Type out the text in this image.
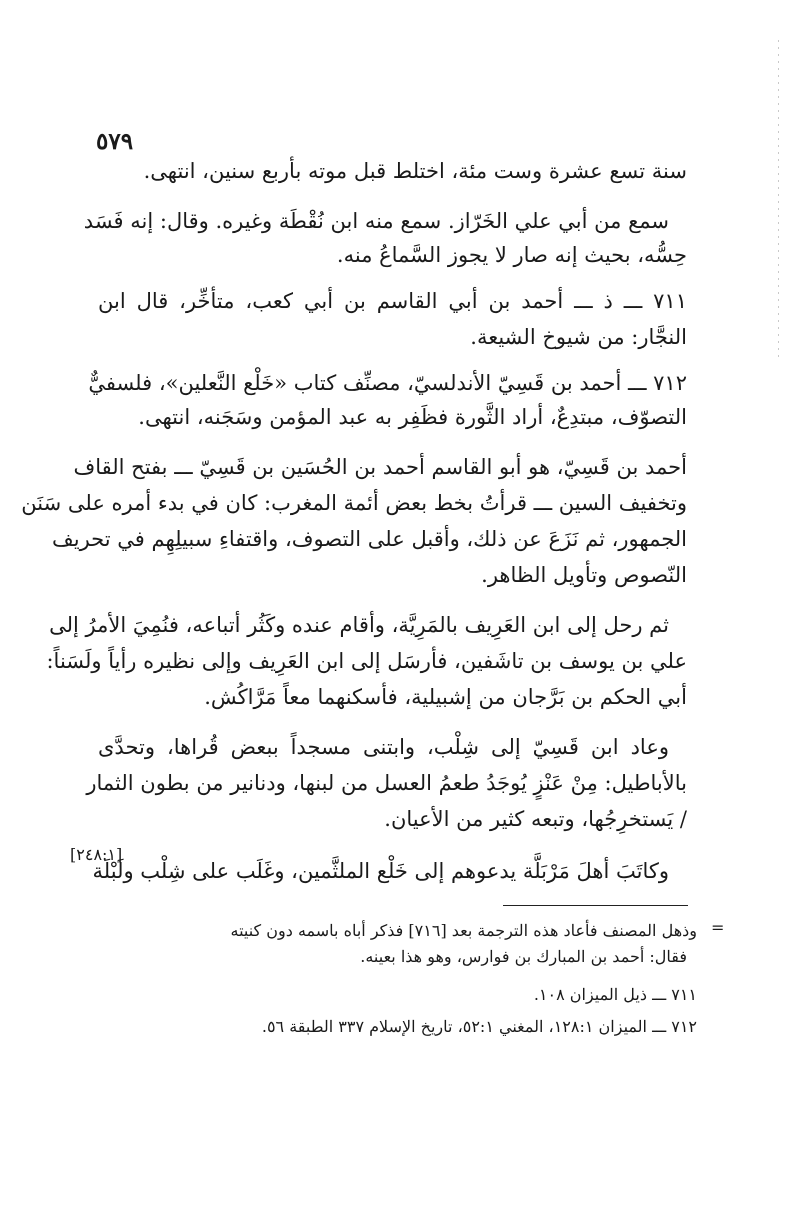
٥٧٩
سنة تسع عشرة وست مئة، اختلط قبل موته بأربع سنين، انتهى.
سمع من أبي علي الخَرّاز. سمع منه ابن نُقْطَة وغيره. وقال: إنه فَسَد
حِسُّه، بحيث إنه صار لا يجوز السَّماعُ منه.
٧١١ ـــ ذ ـــ أحمد بن أبي القاسم بن أبي كعب، متأخِّر، قال ابن
النجَّار: من شيوخ الشيعة.
٧١٢ ـــ أحمد بن قَسِيّ الأندلسيّ، مصنِّف كتاب «خَلْع النَّعلين»، فلسفيٌّ
التصوّف، مبتدِعٌ، أراد الثَّورة فظَفِر به عبد المؤمن وسَجَنه، انتهى.
أحمد بن قَسِيّ، هو أبو القاسم أحمد بن الحُسَين بن قَسِيّ ـــ بفتح القاف
وتخفيف السين ـــ قرأتُ بخط بعض أئمة المغرب: كان في بدء أمره على سَنَن
الجمهور، ثم نَزَعَ عن ذلك، وأقبل على التصوف، واقتفاءِ سبيلِهِم في تحريف
النّصوص وتأويل الظاهر.
ثم رحل إلى ابن العَرِيف بالمَرِيَّة، وأقام عنده وكَثُر أتباعه، فنُمِيَ الأمرُ إلى
علي بن يوسف بن تاشَفين، فأرسَل إلى ابن العَرِيف وإلى نظيره رأياً ولَسَناً:
أبي الحكم بن بَرَّجان من إشبيلية، فأسكنهما معاً مَرَّاكُش.
وعاد ابن قَسِيّ إلى شِلْب، وابتنى مسجداً ببعض قُراها، وتحدَّى
بالأباطيل: مِنْ عَنْزٍ يُوجَدُ طعمُ العسل من لبنها، ودنانير من بطون الثمار
/ يَستخرِجُها، وتبعه كثير من الأعيان.
[٢٤٨:١]
وكاتَبَ أهلَ مَرْبَلَّة يدعوهم إلى خَلْع الملثَّمين، وغَلَب على شِلْب ولَبْلَة
=
وذهل المصنف فأعاد هذه الترجمة بعد [٧١٦] فذكر أباه باسمه دون كنيته
فقال: أحمد بن المبارك بن فوارس، وهو هذا بعينه.
٧١١ ـــ ذيل الميزان ١٠٨.
٧١٢ ـــ الميزان ١٢٨:١، المغني ٥٢:١، تاريخ الإسلام ٣٣٧ الطبقة ٥٦.
